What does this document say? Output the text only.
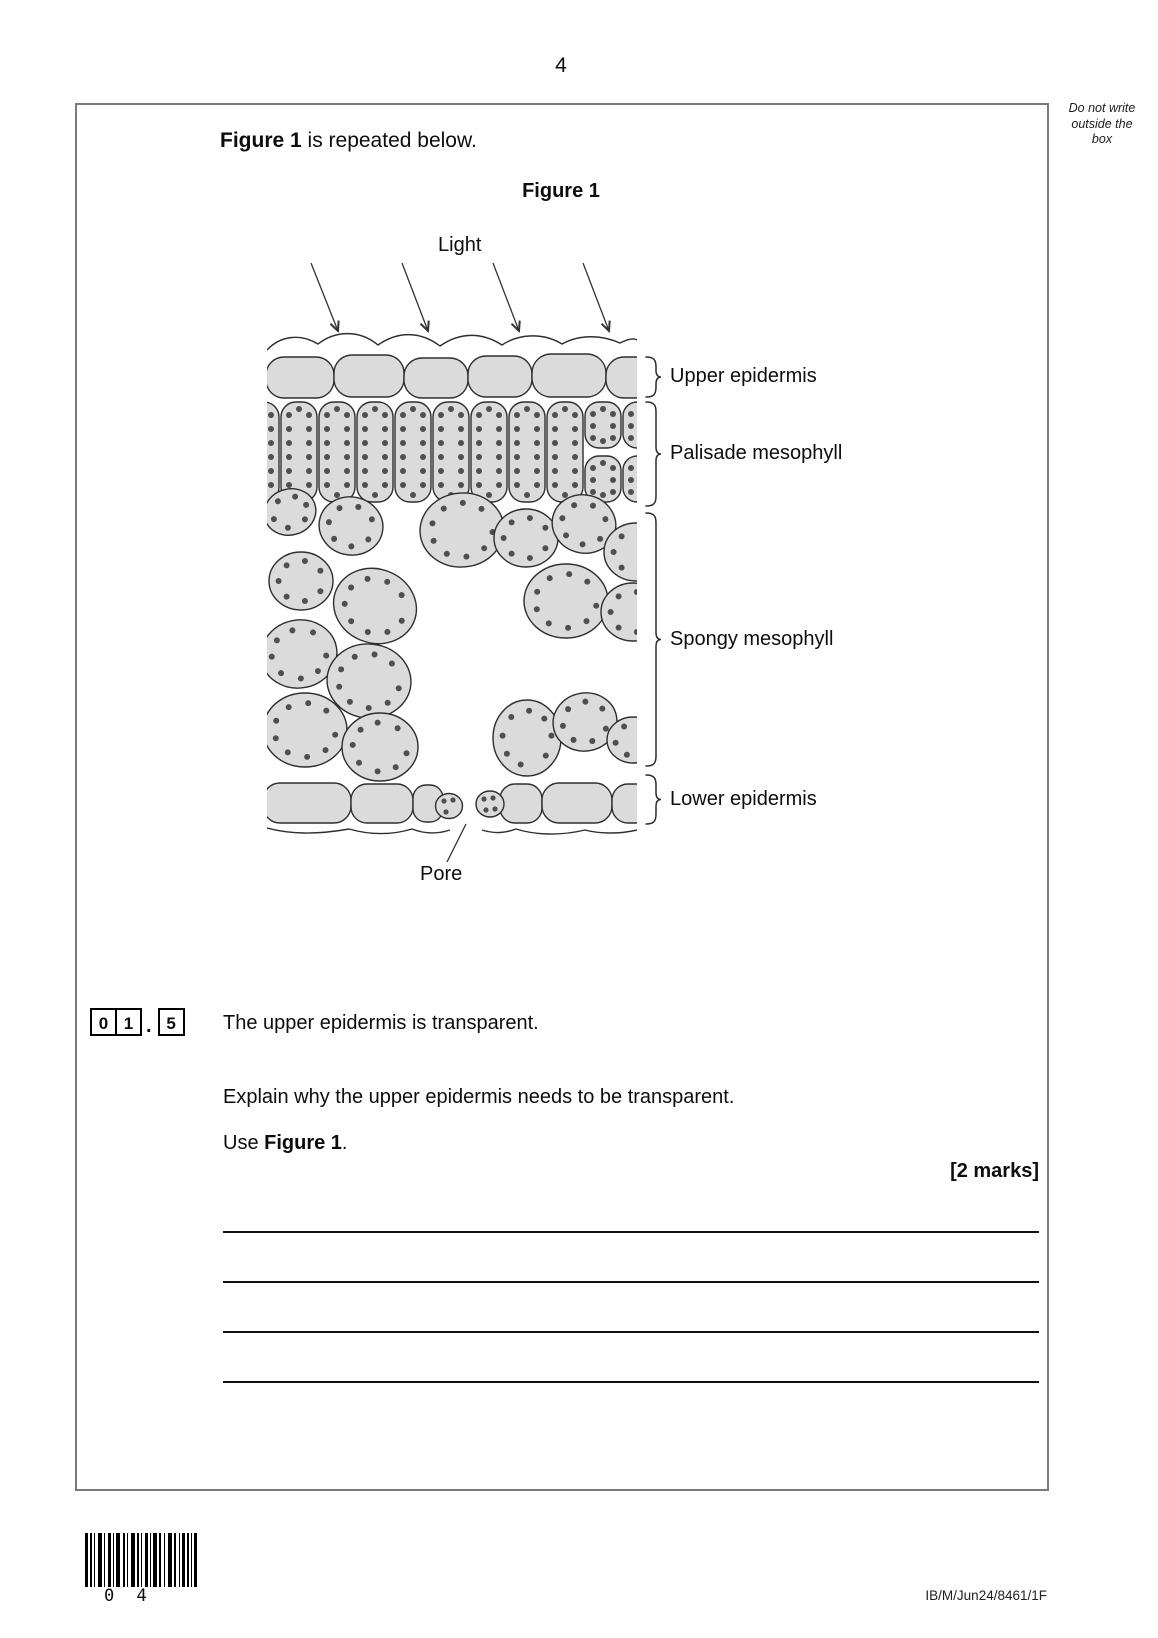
4
Do not write
outside the
box
Figure 1 is repeated below.
Figure 1
Light
Upper epidermis
Palisade mesophyll
Spongy mesophyll
Lower epidermis
Pore
0 1 . 5	The upper epidermis is transparent.
Explain why the upper epidermis needs to be transparent.
Use Figure 1.
[2 marks]
0 4	IB/M/Jun24/8461/1F
